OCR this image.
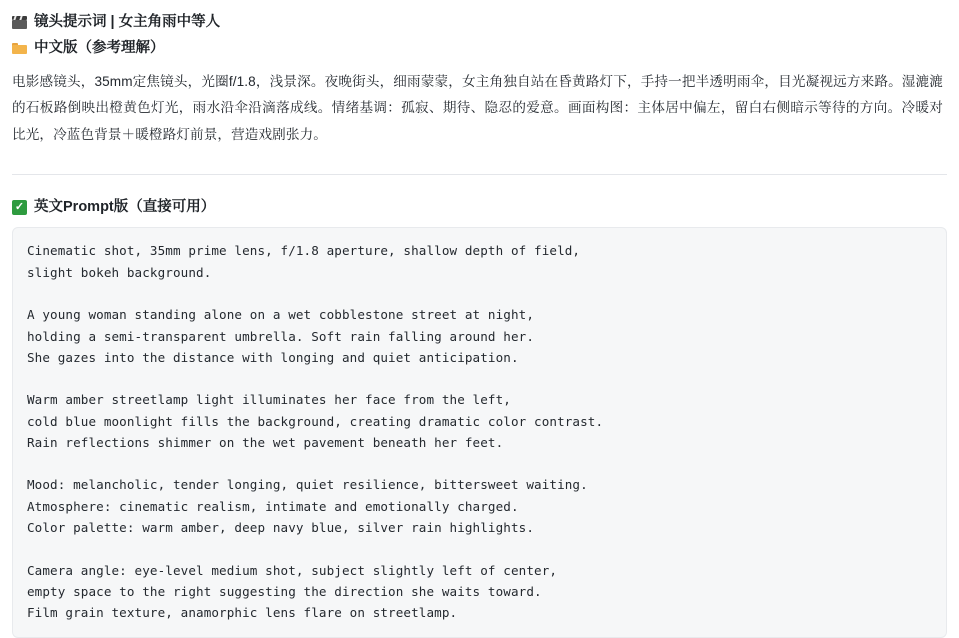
镜头提示词 | 女主角雨中等人
中文版（参考理解）

电影感镜头，35mm定焦镜头，光圈f/1.8，浅景深。夜晚街头，细雨蒙蒙，女主角独自站在昏黄路灯下，手持一把半透明雨伞，目光凝视远方来路。湿漉漉的石板路倒映出橙黄色灯光，雨水沿伞沿滴落成线。情绪基调：孤寂、期待、隐忍的爱意。画面构图：主体居中偏左，留白右侧暗示等待的方向。冷暖对比光，冷蓝色背景＋暖橙路灯前景，营造戏剧张力。

✓ 英文Prompt版（直接可用）
Cinematic shot, 35mm prime lens, f/1.8 aperture, shallow depth of field,
slight bokeh background.
A young woman standing alone on a wet cobblestone street at night,
holding a semi-transparent umbrella. Soft rain falling around her.
She gazes into the distance with longing and quiet anticipation.
Warm amber streetlamp light illuminates her face from the left,
cold blue moonlight fills the background, creating dramatic color contrast.
Rain reflections shimmer on the wet pavement beneath her feet.
Mood: melancholic, tender longing, quiet resilience, bittersweet waiting.
Atmosphere: cinematic realism, intimate and emotionally charged.
Color palette: warm amber, deep navy blue, silver rain highlights.
Camera angle: eye-level medium shot, subject slightly left of center,
empty space to the right suggesting the direction she waits toward.
Film grain texture, anamorphic lens flare on streetlamp.
